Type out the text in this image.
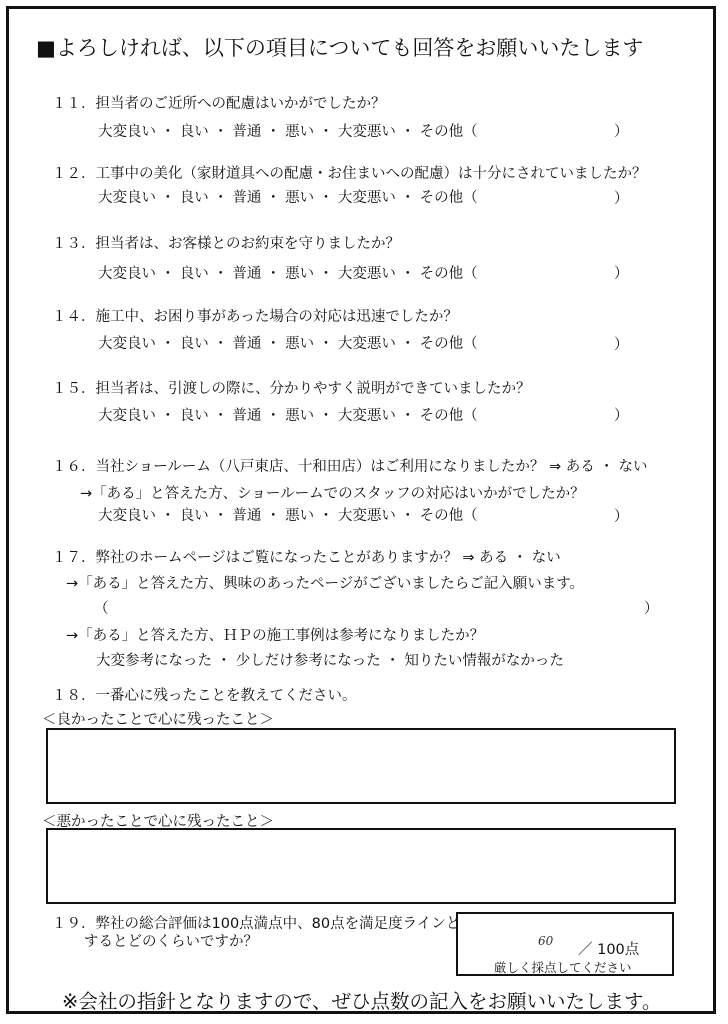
■よろしければ、以下の項目についても回答をお願いいたします
１１．担当者のご近所への配慮はいかがでしたか？
大変良い ・ 良い ・ 普通 ・ 悪い ・ 大変悪い ・ その他（	）
１２．工事中の美化（家財道具への配慮・お住まいへの配慮）は十分にされていましたか？
大変良い ・ 良い ・ 普通 ・ 悪い ・ 大変悪い ・ その他（	）
１３．担当者は、お客様とのお約束を守りましたか？
大変良い ・ 良い ・ 普通 ・ 悪い ・ 大変悪い ・ その他（	）
１４．施工中、お困り事があった場合の対応は迅速でしたか？
大変良い ・ 良い ・ 普通 ・ 悪い ・ 大変悪い ・ その他（	）
１５．担当者は、引渡しの際に、分かりやすく説明ができていましたか？
大変良い ・ 良い ・ 普通 ・ 悪い ・ 大変悪い ・ その他（	）
１６．当社ショールーム（八戸東店、十和田店）はご利用になりましたか？ ⇒ ある ・ ない
→「ある」と答えた方、ショールームでのスタッフの対応はいかがでしたか？
大変良い ・ 良い ・ 普通 ・ 悪い ・ 大変悪い ・ その他（	）
１７．弊社のホームページはご覧になったことがありますか？ ⇒ ある ・ ない
→「ある」と答えた方、興味のあったページがございましたらご記入願います。
（	）
→「ある」と答えた方、ＨＰの施工事例は参考になりましたか？
大変参考になった ・ 少しだけ参考になった ・ 知りたい情報がなかった
１８．一番心に残ったことを教えてください。
＜良かったことで心に残ったこと＞
＜悪かったことで心に残ったこと＞
１９．弊社の総合評価は100点満点中、80点を満足度ラインと
するとどのくらいですか？	60
／ 100点
厳しく採点してください
※会社の指針となりますので、ぜひ点数の記入をお願いいたします。
